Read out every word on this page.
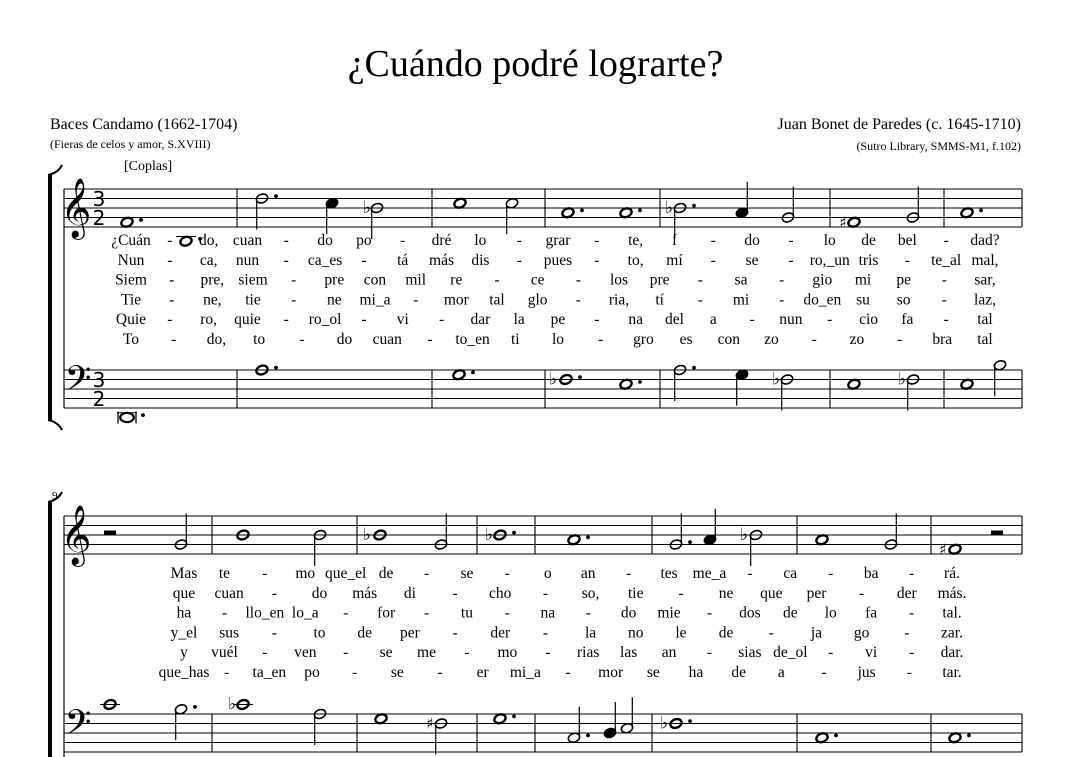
¿Cuándo podré lograrte?
Baces Candamo (1662-1704)
(Fieras de celos y amor, S.XVIII)
Juan Bonet de Paredes (c. 1645-1710)
(Sutro Library, SMMS-M1, f.102)
[Coplas]
9
𝄞
𝄢
3
2
3
2
♭	♭
♯
♭	♭	♭
¿Cuán - do, cuan - do po - dré lo - grar - te, í - do - lo de bel - dad?
Nun - ca, nun - ca_es - tá más dis - pues - to, mí - se - ro,_un tris - te_al mal,
Siem - pre, siem - pre con mil re - ce - los pre - sa - gio mi pe - sar,
Tie - ne, tie - ne mi_a - mor tal glo - ria, tí - mi - do_en su so - laz,
Quie - ro, quie - ro_ol - vi - dar la pe - na del a - nun - cio fa - tal
To - do, to - do cuan - to_en ti lo - gro es con zo - zo - bra tal
𝄞
𝄢
♭	♭	♭
♯
♭
♯	♭
Mas te - mo que_el de - se - o an - tes me_a - ca - ba - rá.
que cuan - do más di - cho - so, tie - ne que per - der más.
ha - llo_en lo_a - for - tu - na - do mie - dos de lo fa - tal.
y_el sus - to de per - der - la no le de - ja go - zar.
y vuél - ven - se me - mo - rias las an - sias de_ol - vi - dar.
que_has - ta_en po - se - er mi_a - mor se ha de a - jus - tar.
